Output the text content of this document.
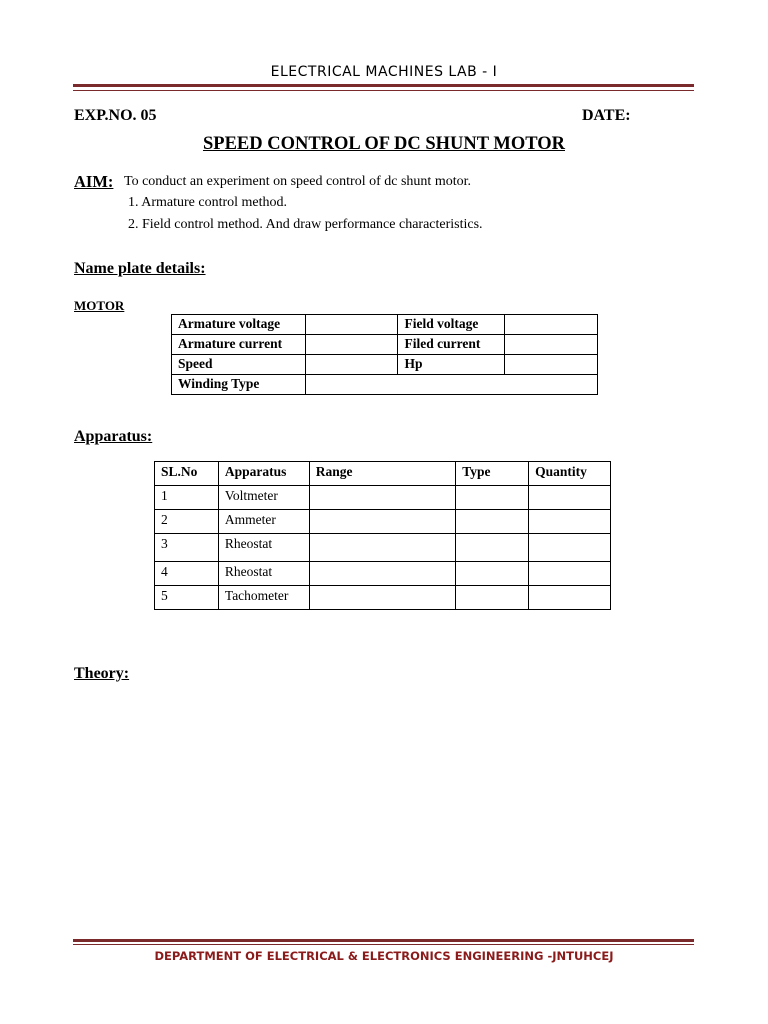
ELECTRICAL MACHINES LAB - I
EXP.NO. 05	DATE:
SPEED CONTROL OF DC SHUNT MOTOR
AIM: To conduct an experiment on speed control of dc shunt motor.
1. Armature control method.
2. Field control method. And draw performance characteristics.
Name plate details:
MOTOR
Armature voltage		Field voltage	
Armature current		Filed current	
Speed		Hp	
Winding Type			
Apparatus:
SL.No	Apparatus	Range	Type	Quantity
1	Voltmeter			
2	Ammeter			
3	Rheostat			
4	Rheostat			
5	Tachometer			
Theory:
DEPARTMENT OF ELECTRICAL & ELECTRONICS ENGINEERING -JNTUHCEJ
